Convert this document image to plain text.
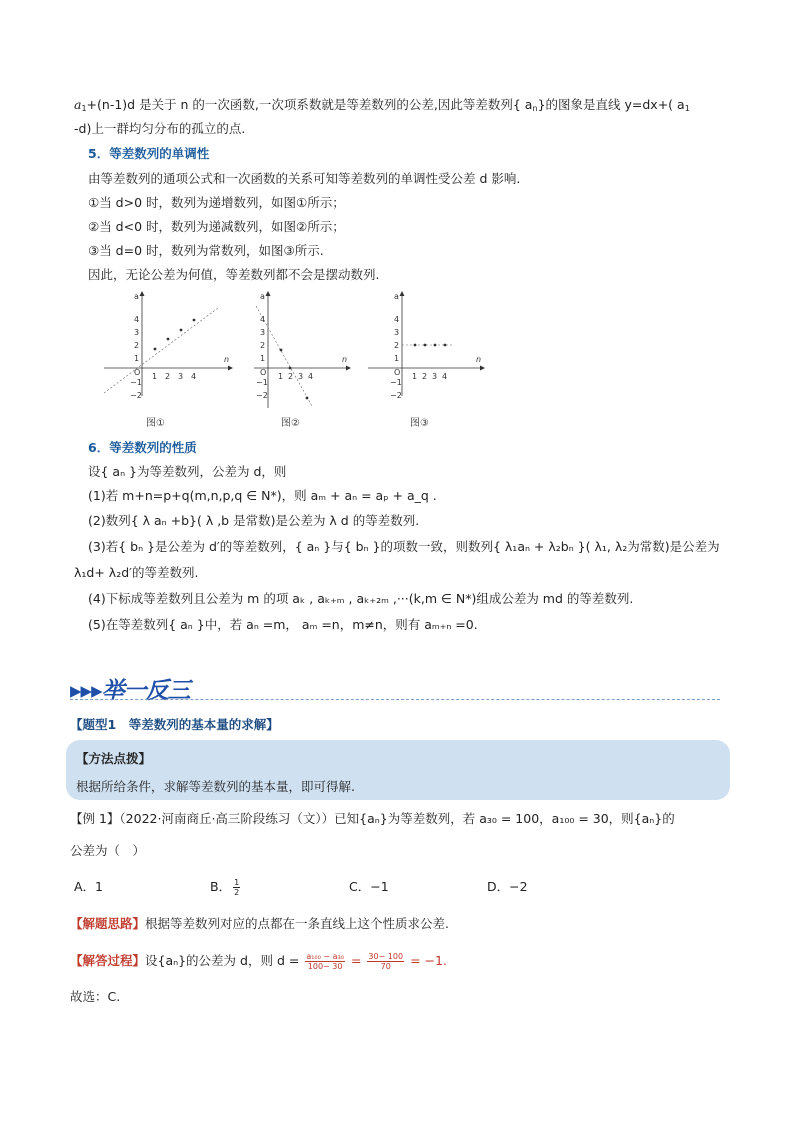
$a_1+(n-1)d$ 是关于 n 的一次函数,一次项系数就是等差数列的公差,因此等差数列{ $a_n$}的图象是直线 y=dx+( $a_1$
-d)上一群均匀分布的孤立的点.
5．等差数列的单调性
由等差数列的通项公式和一次函数的关系可知等差数列的单调性受公差 d 影响.
①当 d>0 时，数列为递增数列，如图①所示；
②当 d<0 时，数列为递减数列，如图②所示；
③当 d=0 时，数列为常数列，如图③所示.
因此，无论公差为何值，等差数列都不会是摆动数列.
a
n
O 1 2 3 4
4
3
2
1
−1
−2
a
n
O 1 2 3 4
4
3
2
1
−1
−2
a
n
O 1 2 3 4
4
3
2
1
−1
−2
图①	图②	图③
6．等差数列的性质
设{ aₙ }为等差数列，公差为 d，则
(1)若 m+n=p+q(m,n,p,q ∈ N*)，则 aₘ + aₙ = aₚ + a_q .
(2)数列{ λ aₙ +b}( λ ,b 是常数)是公差为 λ d 的等差数列.
(3)若{ bₙ }是公差为 d′的等差数列，{ aₙ }与{ bₙ }的项数一致，则数列{ λ₁aₙ + λ₂bₙ }( λ₁, λ₂为常数)是公差为
λ₁d+ λ₂d′的等差数列.
(4)下标成等差数列且公差为 m 的项 aₖ , aₖ₊ₘ , aₖ₊₂ₘ ,···(k,m ∈ N*)组成公差为 md 的等差数列.
(5)在等差数列{ aₙ }中，若 aₙ =m， aₘ =n，m≠n，则有 aₘ₊ₙ =0.
▸▸▸举一反三
【题型1　等差数列的基本量的求解】
【方法点拨】
根据所给条件，求解等差数列的基本量，即可得解.
【例 1】（2022·河南商丘·高三阶段练习（文））已知{aₙ}为等差数列，若 a₃₀ = 100，a₁₀₀ = 30，则{aₙ}的
公差为（　）
A．1	B． $\frac{1}{2}$	C．−1	D．−2
【解题思路】根据等差数列对应的点都在一条直线上这个性质求公差.
【解答过程】设{aₙ}的公差为 d，则 $d = \frac{\text{a₁₀₀ − a₃₀}}{100- 30} = \frac{30- 100}{70} = -1$.
故选：C.
